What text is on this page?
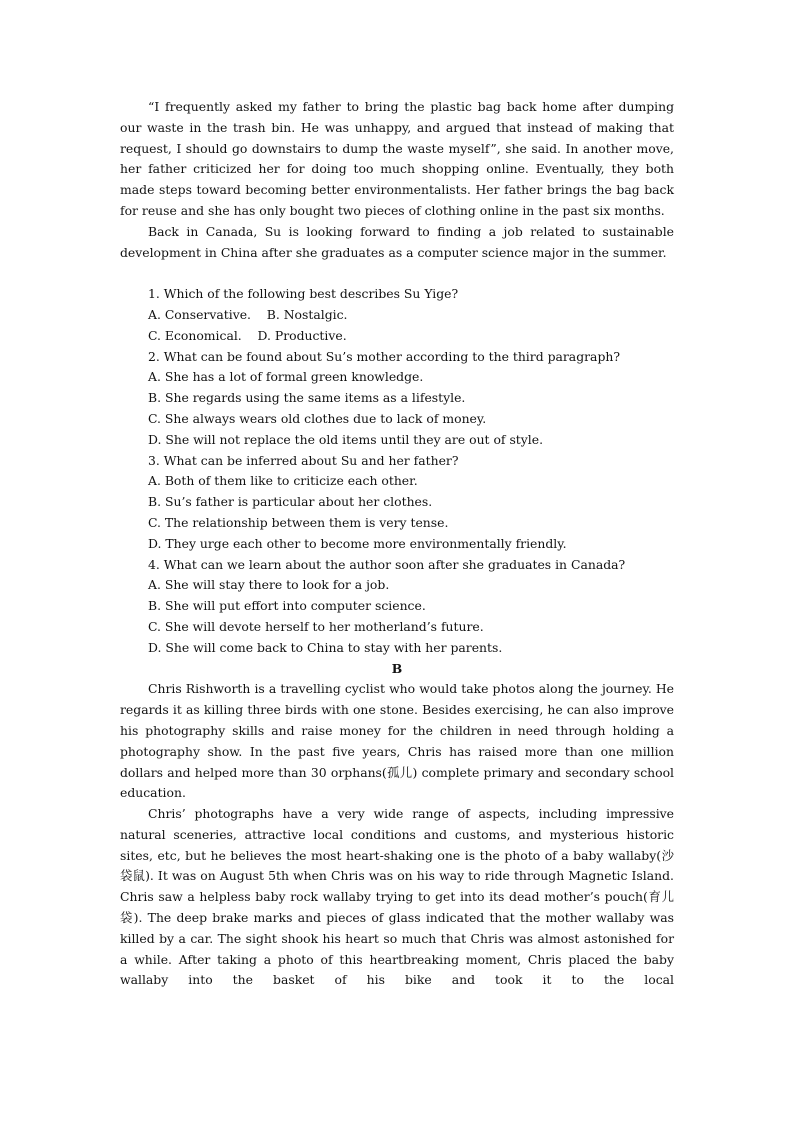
“I frequently asked my father to bring the plastic bag back home after dumping our waste in the trash bin. He was unhappy, and argued that instead of making that request, I should go downstairs to dump the waste myself”, she said. In another move, her father criticized her for doing too much shopping online. Eventually, they both made steps toward becoming better environmentalists. Her father brings the bag back for reuse and she has only bought two pieces of clothing online in the past six months.
Back in Canada, Su is looking forward to finding a job related to sustainable development in China after she graduates as a computer science major in the summer.
1. Which of the following best describes Su Yige?
A. Conservative.    B. Nostalgic.
C. Economical.    D. Productive.
2. What can be found about Su’s mother according to the third paragraph?
A. She has a lot of formal green knowledge.
B. She regards using the same items as a lifestyle.
C. She always wears old clothes due to lack of money.
D. She will not replace the old items until they are out of style.
3. What can be inferred about Su and her father?
A. Both of them like to criticize each other.
B. Su’s father is particular about her clothes.
C. The relationship between them is very tense.
D. They urge each other to become more environmentally friendly.
4. What can we learn about the author soon after she graduates in Canada?
A. She will stay there to look for a job.
B. She will put effort into computer science.
C. She will devote herself to her motherland’s future.
D. She will come back to China to stay with her parents.
B
Chris Rishworth is a travelling cyclist who would take photos along the journey. He regards it as killing three birds with one stone. Besides exercising, he can also improve his photography skills and raise money for the children in need through holding a photography show. In the past five years, Chris has raised more than one million dollars and helped more than 30 orphans(孤儿) complete primary and secondary school education.
Chris’ photographs have a very wide range of aspects, including impressive natural sceneries, attractive local conditions and customs, and mysterious historic sites, etc, but he believes the most heart-shaking one is the photo of a baby wallaby(沙袋鼠). It was on August 5th when Chris was on his way to ride through Magnetic Island. Chris saw a helpless baby rock wallaby trying to get into its dead mother’s pouch(育儿袋). The deep brake marks and pieces of glass indicated that the mother wallaby was killed by a car. The sight shook his heart so much that Chris was almost astonished for a while. After taking a photo of this heartbreaking moment, Chris placed the baby wallaby into the basket of his bike and took it to the local
